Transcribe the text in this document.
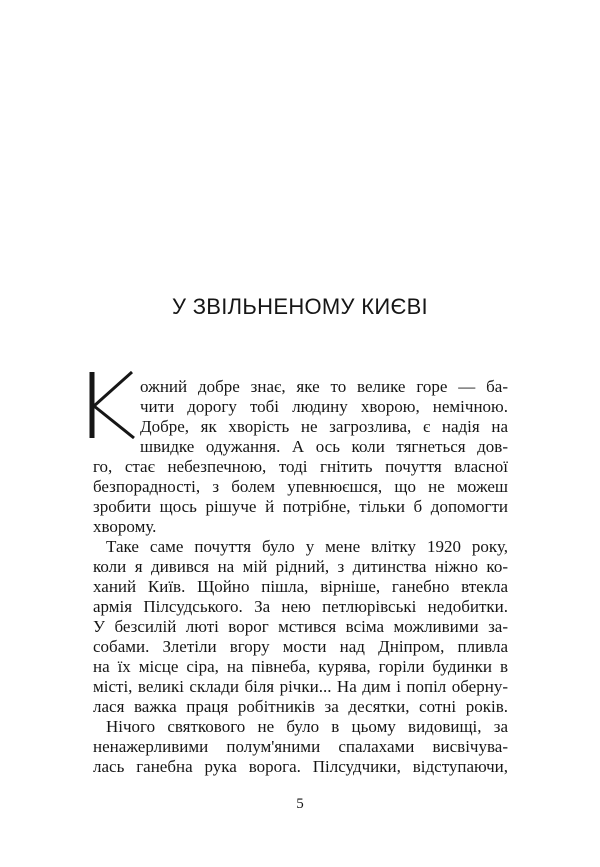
У ЗВІЛЬНЕНОМУ КИЄВІ
ожний добре знає, яке то велике горе — ба-
чити дорогу тобі людину хворою, немічною.
Добре, як хворість не загрозлива, є надія на
швидке одужання. А ось коли тягнеться дов-
го, стає небезпечною, тоді гнітить почуття власної
безпорадності, з болем упевнюєшся, що не можеш
зробити щось рішуче й потрібне, тільки б допомогти
хворому.
Таке саме почуття було у мене влітку 1920 року,
коли я дивився на мій рідний, з дитинства ніжно ко-
ханий Київ. Щойно пішла, вірніше, ганебно втекла
армія Пілсудського. За нею петлюрівські недобитки.
У безсилій люті ворог мстився всіма можливими за-
собами. Злетіли вгору мости над Дніпром, пливла
на їх місце сіра, на півнеба, курява, горіли будинки в
місті, великі склади біля річки... На дим і попіл оберну-
лася важка праця робітників за десятки, сотні років.
Нічого святкового не було в цьому видовищі, за
ненажерливими полум'яними спалахами висвічува-
лась ганебна рука ворога. Пілсудчики, відступаючи,
5
